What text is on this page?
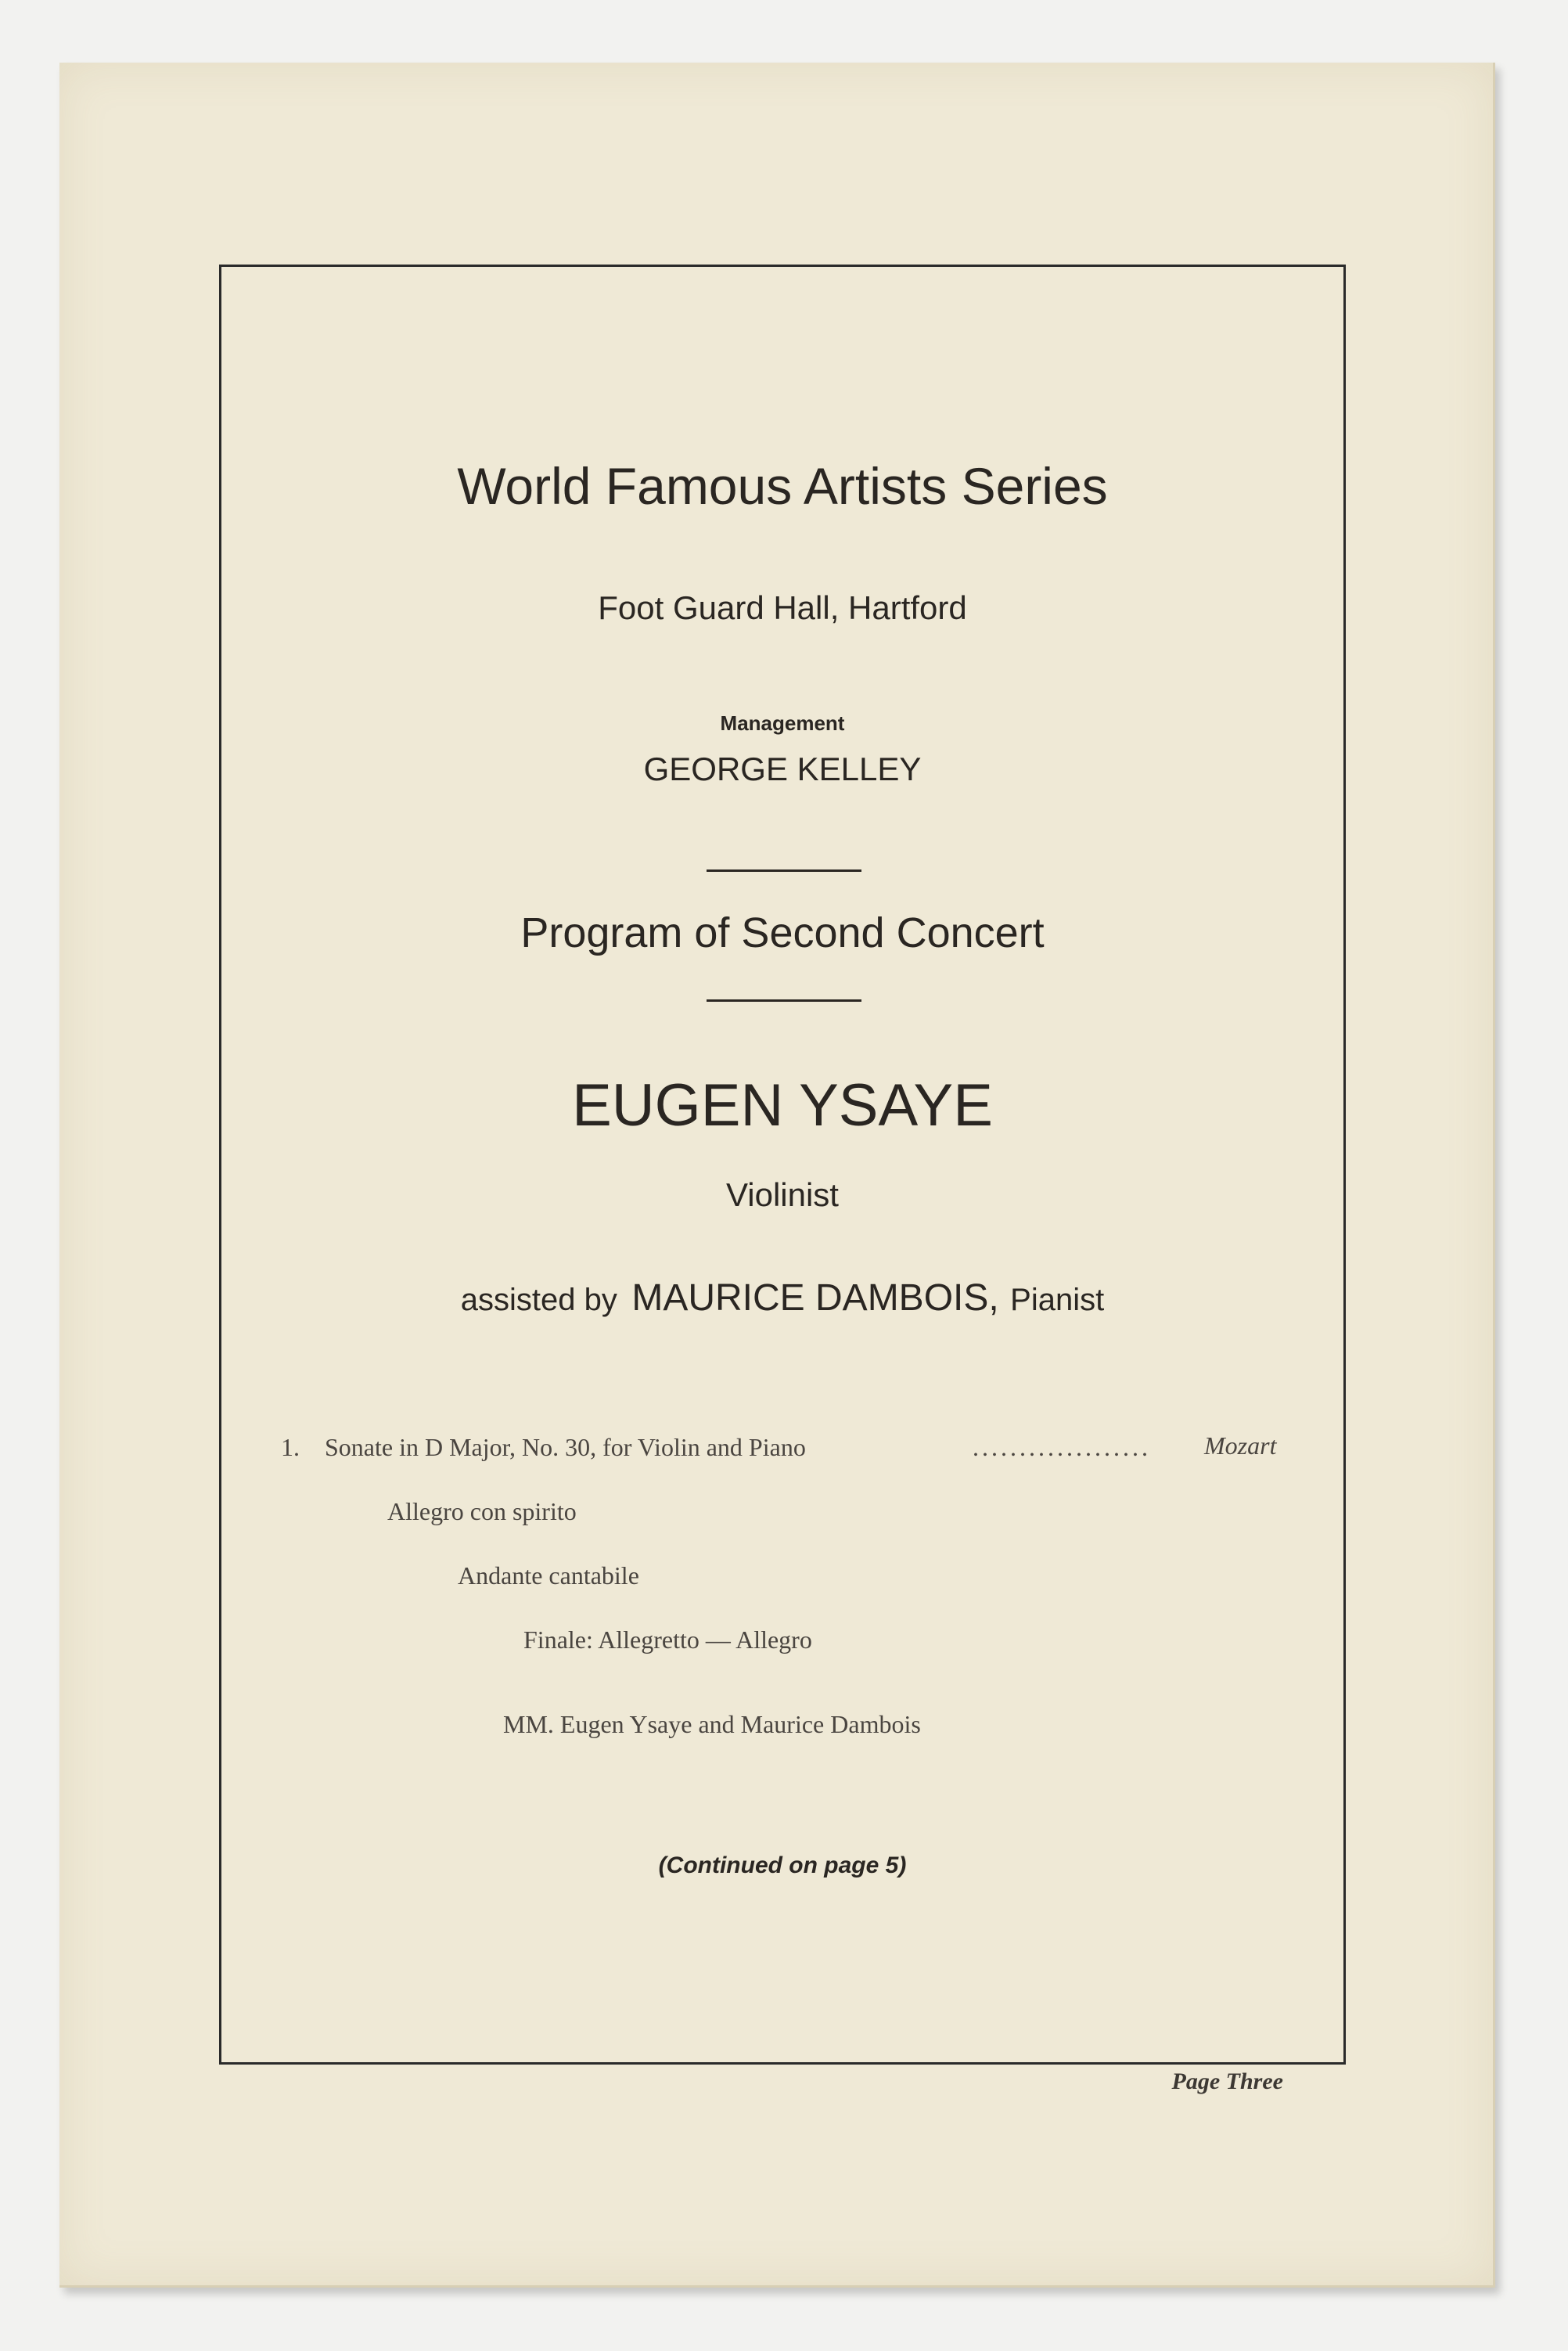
World Famous Artists Series
Foot Guard Hall, Hartford
Management
GEORGE KELLEY
Program of Second Concert
EUGEN YSAYE
Violinist
assisted by MAURICE DAMBOIS, Pianist
1. Sonate in D Major, No. 30, for Violin and Piano	................... Mozart
Allegro con spirito
Andante cantabile
Finale: Allegretto — Allegro
MM. Eugen Ysaye and Maurice Dambois
(Continued on page 5)
Page Three
